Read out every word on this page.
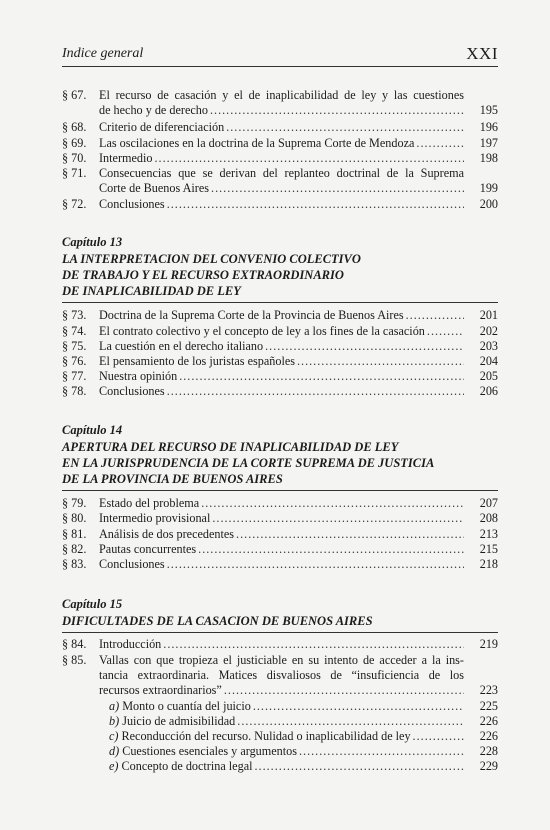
Indice general	XXI
§ 67.	El recurso de casación y el de inaplicabilidad de ley y las cuestiones
de hecho y de derecho .....	195
§ 68.	Criterio de diferenciación .....	196
§ 69.	Las oscilaciones en la doctrina de la Suprema Corte de Mendoza .....	197
§ 70.	Intermedio .....	198
§ 71.	Consecuencias que se derivan del replanteo doctrinal de la Suprema
Corte de Buenos Aires .....	199
§ 72.	Conclusiones .....	200
Capítulo 13
LA INTERPRETACION DEL CONVENIO COLECTIVO
DE TRABAJO Y EL RECURSO EXTRAORDINARIO
DE INAPLICABILIDAD DE LEY
§ 73.	Doctrina de la Suprema Corte de la Provincia de Buenos Aires .....	201
§ 74.	El contrato colectivo y el concepto de ley a los fines de la casación .....	202
§ 75.	La cuestión en el derecho italiano .....	203
§ 76.	El pensamiento de los juristas españoles .....	204
§ 77.	Nuestra opinión .....	205
§ 78.	Conclusiones .....	206
Capítulo 14
APERTURA DEL RECURSO DE INAPLICABILIDAD DE LEY
EN LA JURISPRUDENCIA DE LA CORTE SUPREMA DE JUSTICIA
DE LA PROVINCIA DE BUENOS AIRES
§ 79.	Estado del problema .....	207
§ 80.	Intermedio provisional .....	208
§ 81.	Análisis de dos precedentes .....	213
§ 82.	Pautas concurrentes .....	215
§ 83.	Conclusiones .....	218
Capítulo 15
DIFICULTADES DE LA CASACION DE BUENOS AIRES
§ 84.	Introducción .....	219
§ 85.	Vallas con que tropieza el justiciable en su intento de acceder a la ins-
tancia extraordinaria. Matices disvaliosos de “insuficiencia de los
recursos extraordinarios” .....	223
a) Monto o cuantía del juicio .....	225
b) Juicio de admisibilidad .....	226
c) Reconducción del recurso. Nulidad o inaplicabilidad de ley .....	226
d) Cuestiones esenciales y argumentos .....	228
e) Concepto de doctrina legal .....	229
